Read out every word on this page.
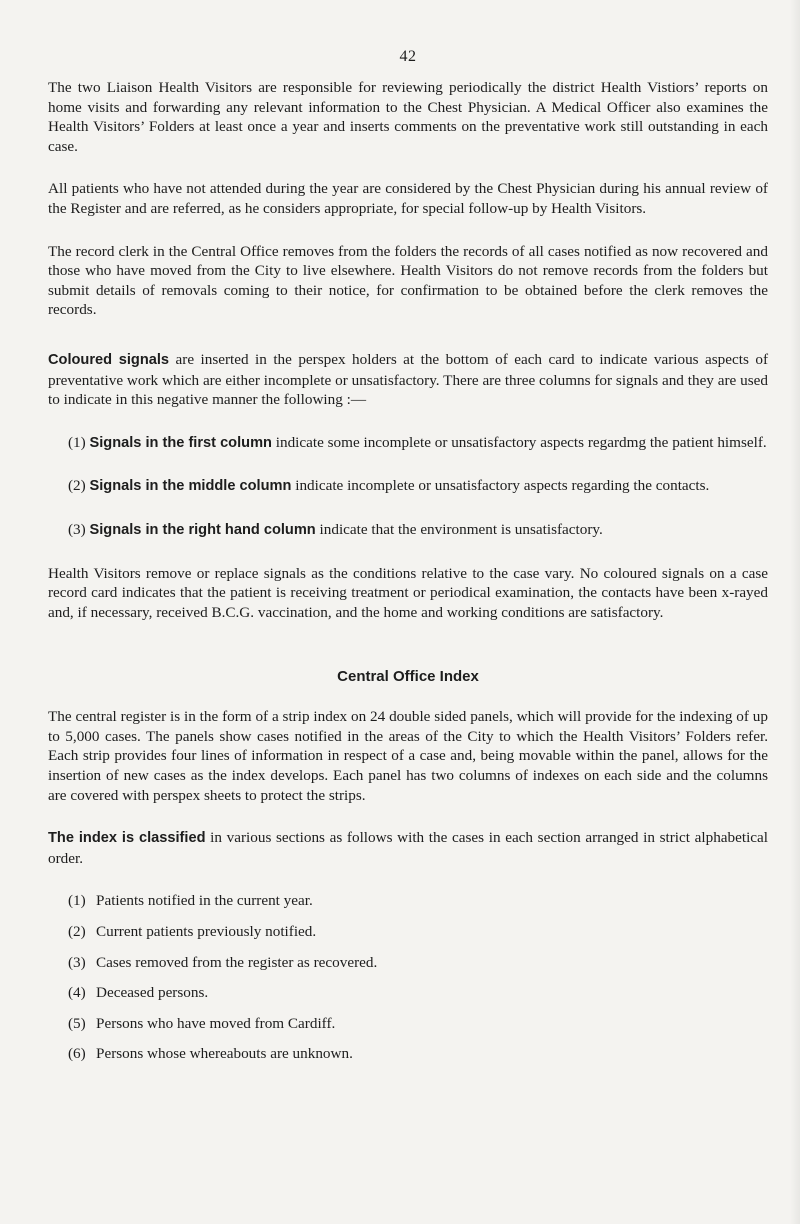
42

The two Liaison Health Visitors are responsible for reviewing periodically the district Health Vistiors’ reports on home visits and forwarding any relevant information to the Chest Physician. A Medical Officer also examines the Health Visitors’ Folders at least once a year and inserts comments on the preventative work still outstanding in each case.

All patients who have not attended during the year are considered by the Chest Physician during his annual review of the Register and are referred, as he considers appropriate, for special follow-up by Health Visitors.

The record clerk in the Central Office removes from the folders the records of all cases notified as now recovered and those who have moved from the City to live elsewhere. Health Visitors do not remove records from the folders but submit details of removals coming to their notice, for confirmation to be obtained before the clerk removes the records.

Coloured signals are inserted in the perspex holders at the bottom of each card to indicate various aspects of preventative work which are either incomplete or unsatisfactory. There are three columns for signals and they are used to indicate in this negative manner the following :—

(1) Signals in the first column indicate some incomplete or unsatisfactory aspects regardmg the patient himself.

(2) Signals in the middle column indicate incomplete or unsatisfactory aspects regarding the contacts.

(3) Signals in the right hand column indicate that the environment is unsatisfactory.

Health Visitors remove or replace signals as the conditions relative to the case vary. No coloured signals on a case record card indicates that the patient is receiving treatment or periodical examination, the contacts have been x-rayed and, if necessary, received B.C.G. vaccination, and the home and working conditions are satisfactory.

Central Office Index

The central register is in the form of a strip index on 24 double sided panels, which will provide for the indexing of up to 5,000 cases. The panels show cases notified in the areas of the City to which the Health Visitors’ Folders refer. Each strip provides four lines of information in respect of a case and, being movable within the panel, allows for the insertion of new cases as the index develops. Each panel has two columns of indexes on each side and the columns are covered with perspex sheets to protect the strips.

The index is classified in various sections as follows with the cases in each section arranged in strict alphabetical order.

(1) Patients notified in the current year.
(2) Current patients previously notified.
(3) Cases removed from the register as recovered.
(4) Deceased persons.
(5) Persons who have moved from Cardiff.
(6) Persons whose whereabouts are unknown.
